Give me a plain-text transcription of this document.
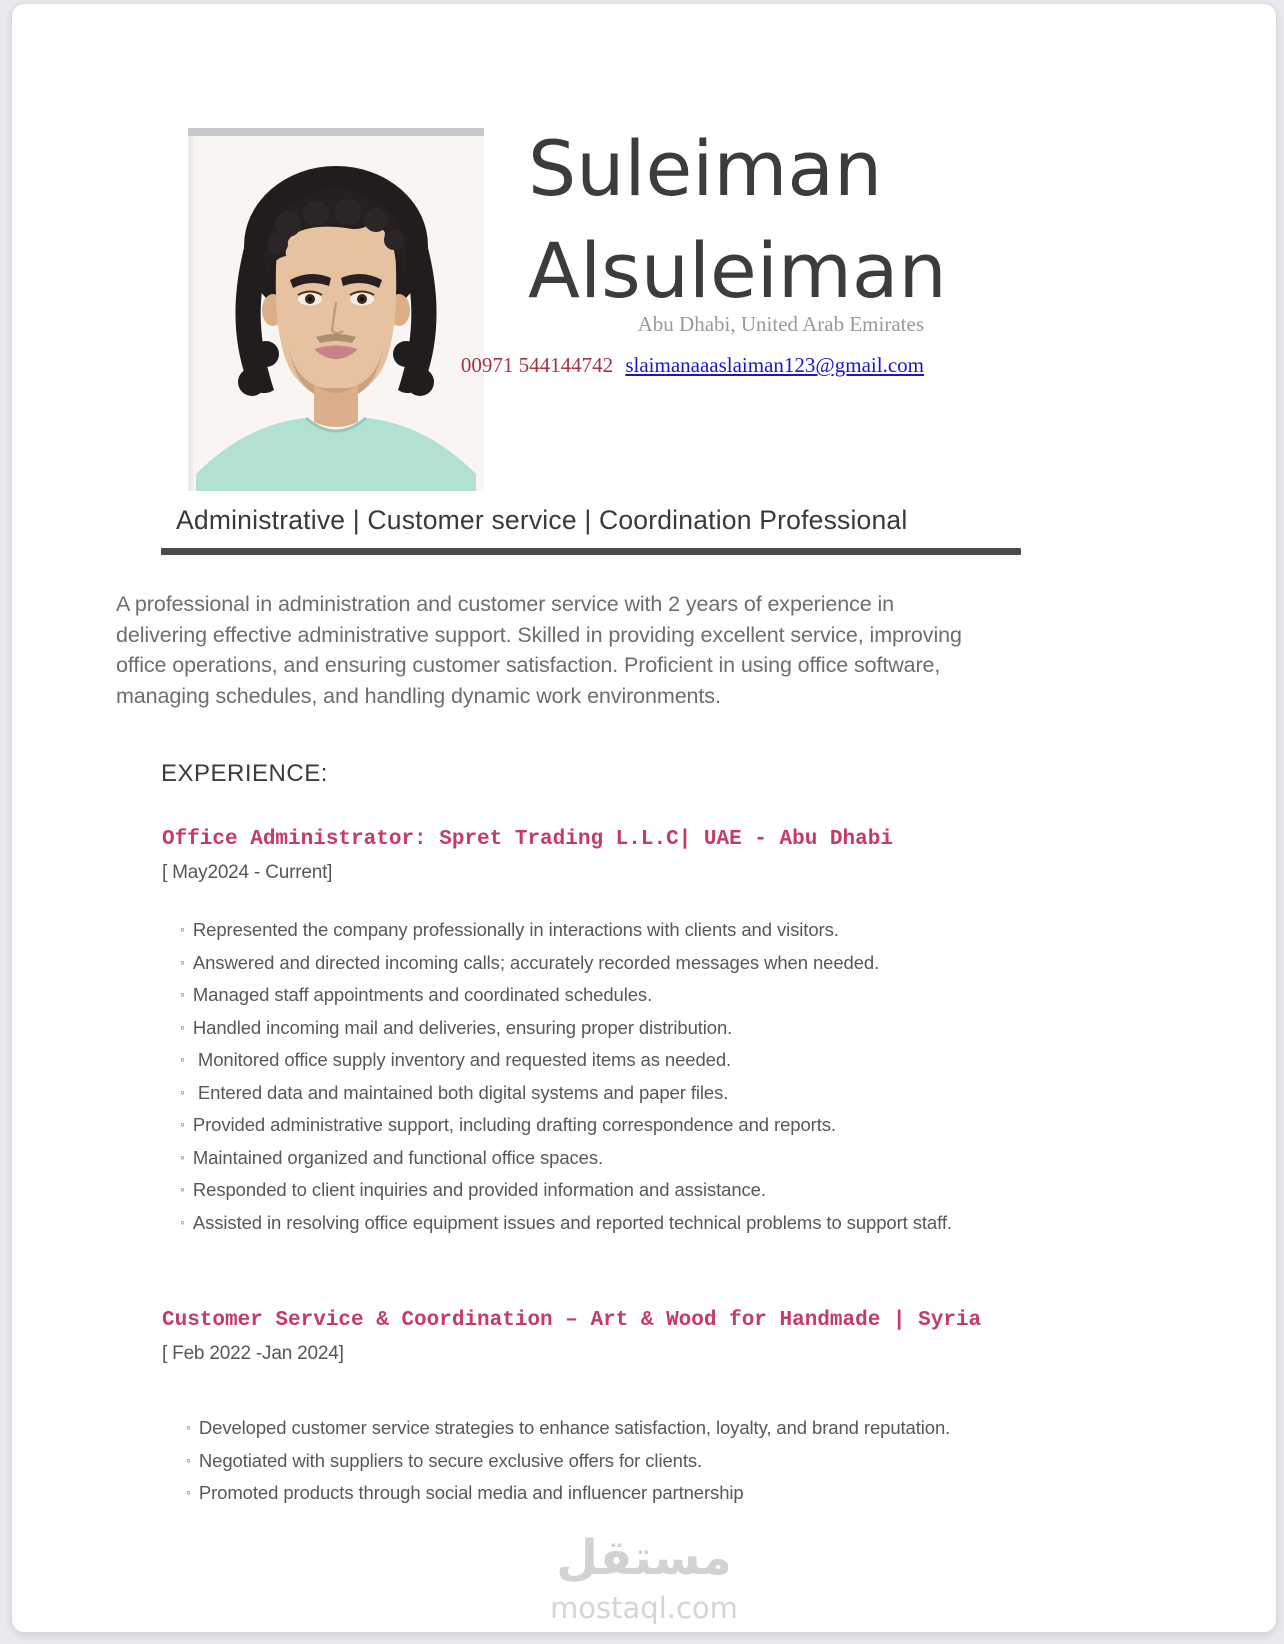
Suleiman
Alsuleiman
Abu Dhabi, United Arab Emirates
00971 544144742 slaimanaaaslaiman123@gmail.com
Administrative | Customer service | Coordination Professional
A professional in administration and customer service with 2 years of experience in
delivering effective administrative support. Skilled in providing excellent service, improving
office operations, and ensuring customer satisfaction. Proficient in using office software,
managing schedules, and handling dynamic work environments.
EXPERIENCE:
Office Administrator: Spret Trading L.L.C| UAE - Abu Dhabi
[ May2024 - Current]
◦ Represented the company professionally in interactions with clients and visitors.
◦ Answered and directed incoming calls; accurately recorded messages when needed.
◦ Managed staff appointments and coordinated schedules.
◦ Handled incoming mail and deliveries, ensuring proper distribution.
◦ Monitored office supply inventory and requested items as needed.
◦ Entered data and maintained both digital systems and paper files.
◦ Provided administrative support, including drafting correspondence and reports.
◦ Maintained organized and functional office spaces.
◦ Responded to client inquiries and provided information and assistance.
◦ Assisted in resolving office equipment issues and reported technical problems to support staff.
Customer Service & Coordination – Art & Wood for Handmade | Syria
[ Feb 2022 -Jan 2024]
◦ Developed customer service strategies to enhance satisfaction, loyalty, and brand reputation.
◦ Negotiated with suppliers to secure exclusive offers for clients.
◦ Promoted products through social media and influencer partnership
مستقل
mostaql.com
